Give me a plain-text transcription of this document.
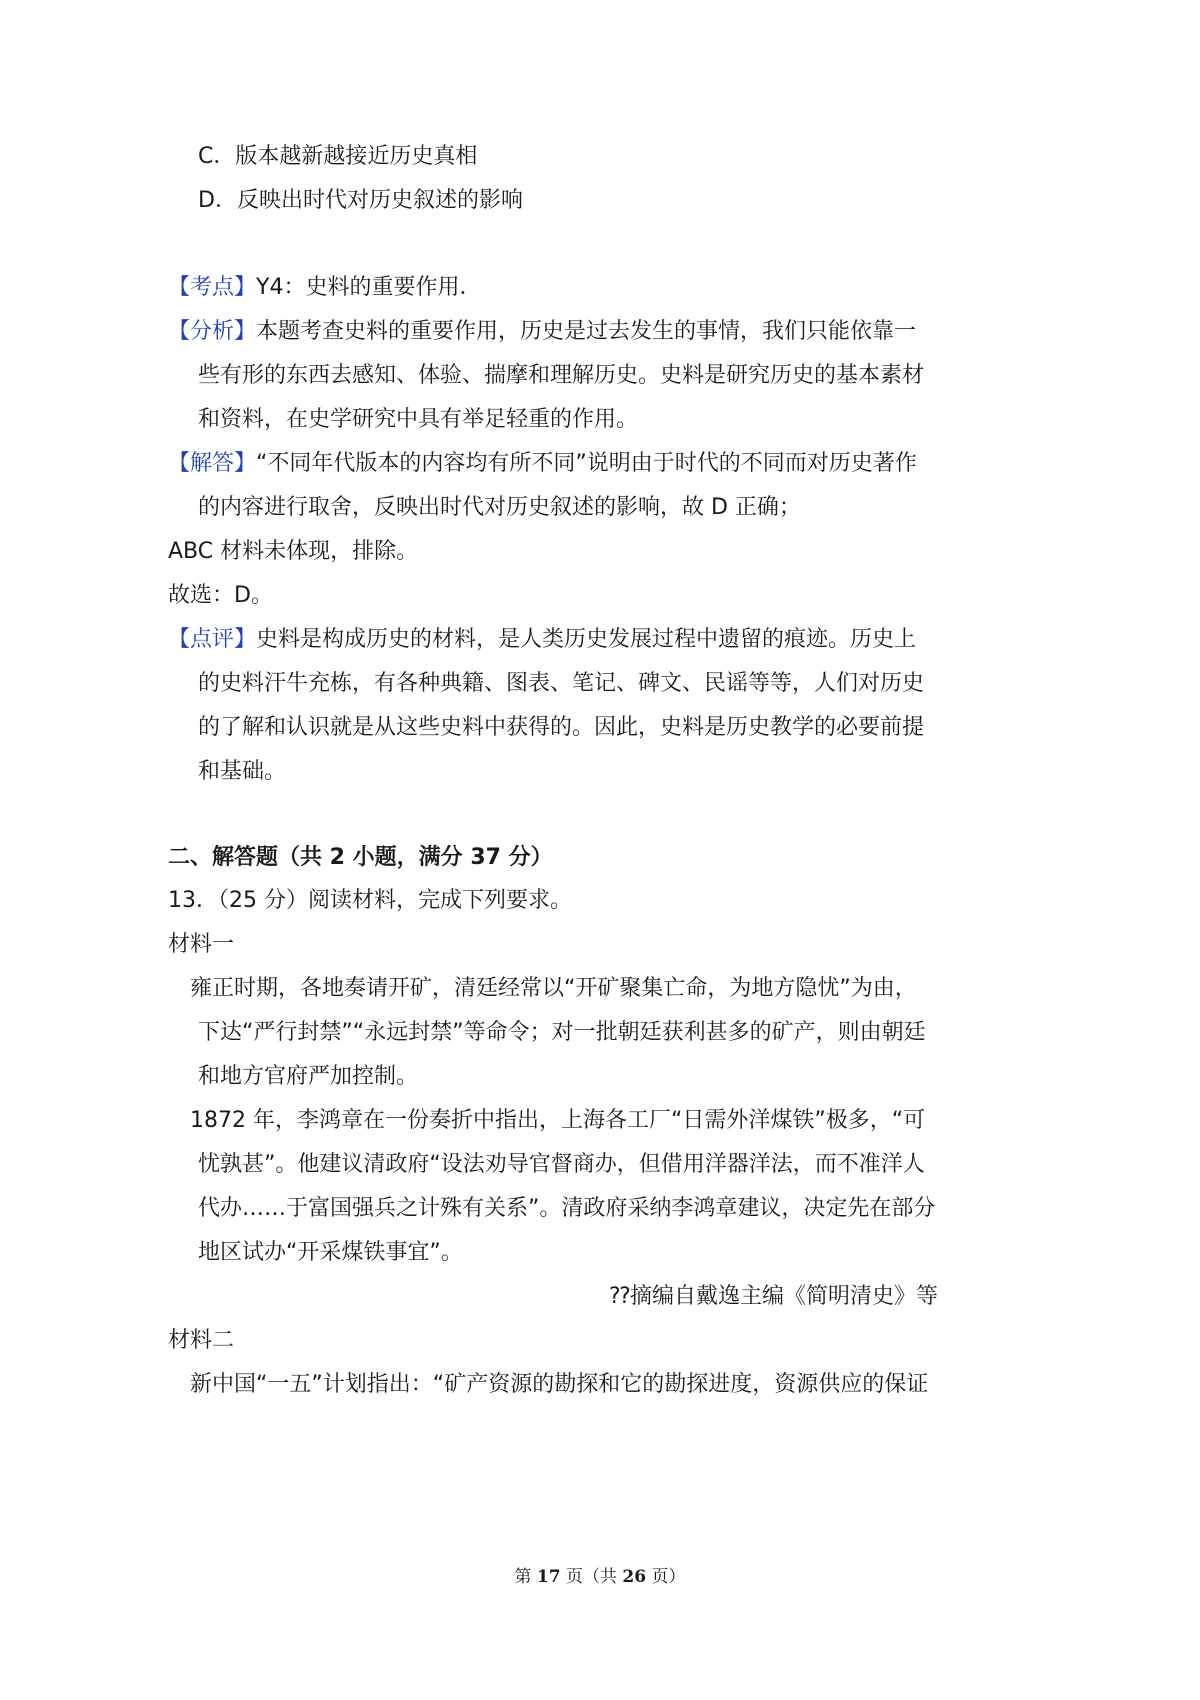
C．版本越新越接近历史真相
D．反映出时代对历史叙述的影响
【考点】Y4：史料的重要作用．
【分析】本题考查史料的重要作用，历史是过去发生的事情，我们只能依靠一
些有形的东西去感知、体验、揣摩和理解历史。史料是研究历史的基本素材
和资料，在史学研究中具有举足轻重的作用。
【解答】“不同年代版本的内容均有所不同”说明由于时代的不同而对历史著作
的内容进行取舍，反映出时代对历史叙述的影响，故 D 正确；
ABC 材料未体现，排除。
故选：D。
【点评】史料是构成历史的材料，是人类历史发展过程中遗留的痕迹。历史上
的史料汗牛充栋，有各种典籍、图表、笔记、碑文、民谣等等，人们对历史
的了解和认识就是从这些史料中获得的。因此，史料是历史教学的必要前提
和基础。
二、解答题（共 2 小题，满分 37 分）
13．（25 分）阅读材料，完成下列要求。
材料一
雍正时期，各地奏请开矿，清廷经常以“开矿聚集亡命，为地方隐忧”为由，
下达“严行封禁”“永远封禁”等命令；对一批朝廷获利甚多的矿产，则由朝廷
和地方官府严加控制。
1872 年，李鸿章在一份奏折中指出，上海各工厂“日需外洋煤铁”极多，“可
忧孰甚”。他建议清政府“设法劝导官督商办，但借用洋器洋法，而不准洋人
代办……于富国强兵之计殊有关系”。清政府采纳李鸿章建议，决定先在部分
地区试办“开采煤铁事宜”。
⁇摘编自戴逸主编《简明清史》等
材料二
新中国“一五”计划指出：“矿产资源的勘探和它的勘探进度，资源供应的保证
第 17 页（共 26 页）
